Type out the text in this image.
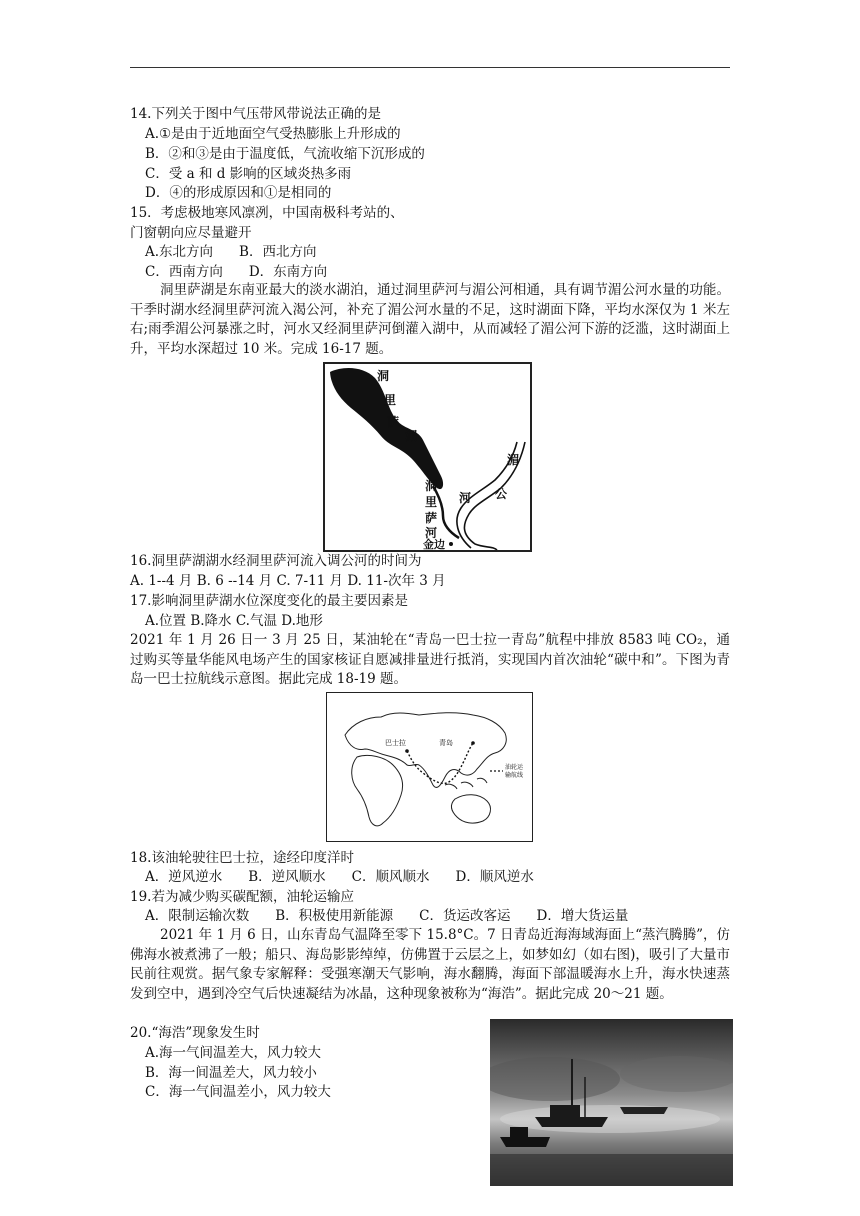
14.下列关于图中气压带风带说法正确的是
A.①是由于近地面空气受热膨胀上升形成的
B．②和③是由于温度低，气流收缩下沉形成的
C．受 a 和 d 影响的区域炎热多雨
D．④的形成原因和①是相同的
15．考虑极地寒风凛冽，中国南极科考站的、
门窗朝向应尽量避开
A.东北方向 B．西北方向
C．西南方向 D．东南方向
洞里萨湖是东南亚最大的淡水湖泊，通过洞里萨河与湄公河相通，具有调节湄公河水量的功能。干季时湖水经洞里萨河流入渴公河，补充了湄公河水量的不足，这时湖面下降，平均水深仅为 1 米左右;雨季湄公河暴涨之时，河水又经洞里萨河倒灌入湖中，从而减轻了湄公河下游的泛滥，这时湖面上升，平均水深超过 10 米。完成 16-17 题。
洞
里
萨
湖
洞
里
萨
河
湄
公
河
金边
16.洞里萨湖湖水经洞里萨河流入调公河的时间为
A. 1--4 月 B. 6 --14 月 C. 7-11 月 D. 11-次年 3 月
17.影响洞里萨湖水位深度变化的最主要因素是
A.位置 B.降水 C.气温 D.地形
2021 年 1 月 26 日一 3 月 25 日，某油轮在“青岛一巴士拉一青岛”航程中排放 8583 吨 CO₂，通过购买等量华能风电场产生的国家核证自愿减排量进行抵消，实现国内首次油轮“碳中和”。下图为青岛一巴士拉航线示意图。据此完成 18-19 题。
巴士拉	青岛
油轮运
输航线
18.该油轮驶往巴士拉，途经印度洋时
A．逆风逆水 B．逆风顺水 C．顺风顺水 D．顺风逆水
19.若为减少购买碳配额，油轮运输应
A．限制运输次数 B．积极使用新能源 C．货运改客运 D．增大货运量
2021 年 1 月 6 日，山东青岛气温降至零下 15.8°C。7 日青岛近海海域海面上“蒸汽腾腾”，仿佛海水被煮沸了一般；船只、海岛影影绰绰，仿佛置于云层之上，如梦如幻（如右图)，吸引了大量市民前往观赏。据气象专家解释：受强寒潮天气影响，海水翻腾，海面下部温暖海水上升，海水快速蒸发到空中，遇到冷空气后快速凝结为冰晶，这种现象被称为“海浩”。据此完成 20～21 题。
20.“海浩”现象发生时
A.海一气间温差大，风力较大
B．海一间温差大，风力较小
C．海一气间温差小，风力较大
